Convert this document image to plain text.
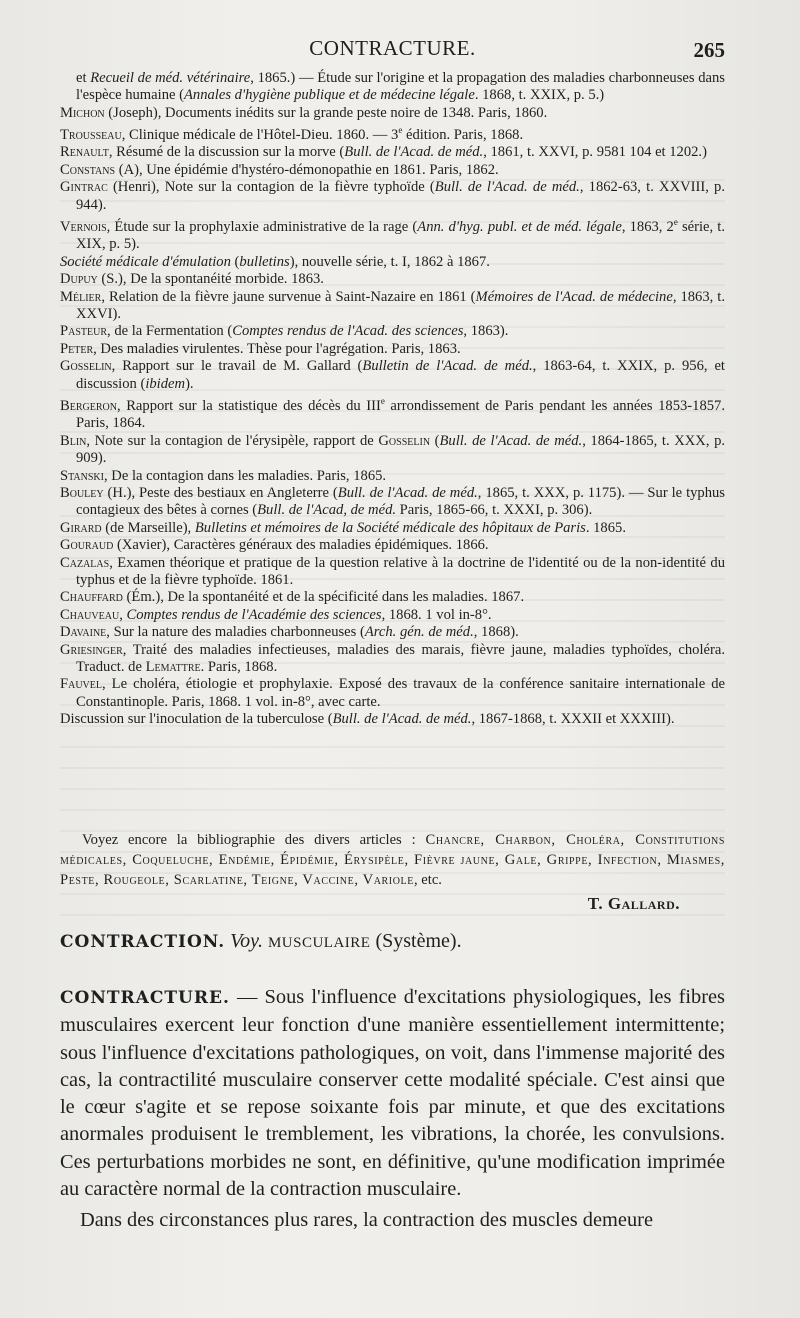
CONTRACTURE.	265

et Recueil de méd. vétérinaire, 1865.) — Étude sur l'origine et la propagation des maladies charbonneuses dans l'espèce humaine (Annales d'hygiène publique et de médecine légale. 1868, t. XXIX, p. 5.)

Michon (Joseph), Documents inédits sur la grande peste noire de 1348. Paris, 1860.

Trousseau, Clinique médicale de l'Hôtel-Dieu. 1860. — 3e édition. Paris, 1868.

Renault, Résumé de la discussion sur la morve (Bull. de l'Acad. de méd., 1861, t. XXVI, p. 9581 104 et 1202.)

Constans (A), Une épidémie d'hystéro-démonopathie en 1861. Paris, 1862.

Gintrac (Henri), Note sur la contagion de la fièvre typhoïde (Bull. de l'Acad. de méd., 1862-63, t. XXVIII, p. 944).

Vernois, Étude sur la prophylaxie administrative de la rage (Ann. d'hyg. publ. et de méd. légale, 1863, 2e série, t. XIX, p. 5).

Société médicale d'émulation (bulletins), nouvelle série, t. I, 1862 à 1867.

Dupuy (S.), De la spontanéité morbide. 1863.

Mélier, Relation de la fièvre jaune survenue à Saint-Nazaire en 1861 (Mémoires de l'Acad. de médecine, 1863, t. XXVI).

Pasteur, de la Fermentation (Comptes rendus de l'Acad. des sciences, 1863).

Peter, Des maladies virulentes. Thèse pour l'agrégation. Paris, 1863.

Gosselin, Rapport sur le travail de M. Gallard (Bulletin de l'Acad. de méd., 1863-64, t. XXIX, p. 956, et discussion (ibidem).

Bergeron, Rapport sur la statistique des décès du IIIe arrondissement de Paris pendant les années 1853-1857. Paris, 1864.

Blin, Note sur la contagion de l'érysipèle, rapport de Gosselin (Bull. de l'Acad. de méd., 1864-1865, t. XXX, p. 909).

Stanski, De la contagion dans les maladies. Paris, 1865.

Bouley (H.), Peste des bestiaux en Angleterre (Bull. de l'Acad. de méd., 1865, t. XXX, p. 1175). — Sur le typhus contagieux des bêtes à cornes (Bull. de l'Acad, de méd. Paris, 1865-66, t. XXXI, p. 306).

Girard (de Marseille), Bulletins et mémoires de la Société médicale des hôpitaux de Paris. 1865.

Gouraud (Xavier), Caractères généraux des maladies épidémiques. 1866.

Cazalas, Examen théorique et pratique de la question relative à la doctrine de l'identité ou de la non-identité du typhus et de la fièvre typhoïde. 1861.

Chauffard (Ém.), De la spontanéité et de la spécificité dans les maladies. 1867.

Chauveau, Comptes rendus de l'Académie des sciences, 1868. 1 vol in-8°.

Davaine, Sur la nature des maladies charbonneuses (Arch. gén. de méd., 1868).

Griesinger, Traité des maladies infectieuses, maladies des marais, fièvre jaune, maladies typhoïdes, choléra. Traduct. de Lemattre. Paris, 1868.

Fauvel, Le choléra, étiologie et prophylaxie. Exposé des travaux de la conférence sanitaire internationale de Constantinople. Paris, 1868. 1 vol. in-8°, avec carte.

Discussion sur l'inoculation de la tuberculose (Bull. de l'Acad. de méd., 1867-1868, t. XXXII et XXXIII).

Voyez encore la bibliographie des divers articles : Chancre, Charbon, Choléra, Constitutions médicales, Coqueluche, Endémie, Épidémie, Érysipèle, Fièvre jaune, Gale, Grippe, Infection, Miasmes, Peste, Rougeole, Scarlatine, Teigne, Vaccine, Variole, etc.
T. Gallard.
CONTRACTION. Voy. MUSCULAIRE (Système).

CONTRACTURE. — Sous l'influence d'excitations physiologiques, les fibres musculaires exercent leur fonction d'une manière essentiellement intermittente; sous l'influence d'excitations pathologiques, on voit, dans l'immense majorité des cas, la contractilité musculaire conserver cette modalité spéciale. C'est ainsi que le cœur s'agite et se repose soixante fois par minute, et que des excitations anormales produisent le tremblement, les vibrations, la chorée, les convulsions. Ces perturbations morbides ne sont, en définitive, qu'une modification imprimée au caractère normal de la contraction musculaire.

Dans des circonstances plus rares, la contraction des muscles demeure
